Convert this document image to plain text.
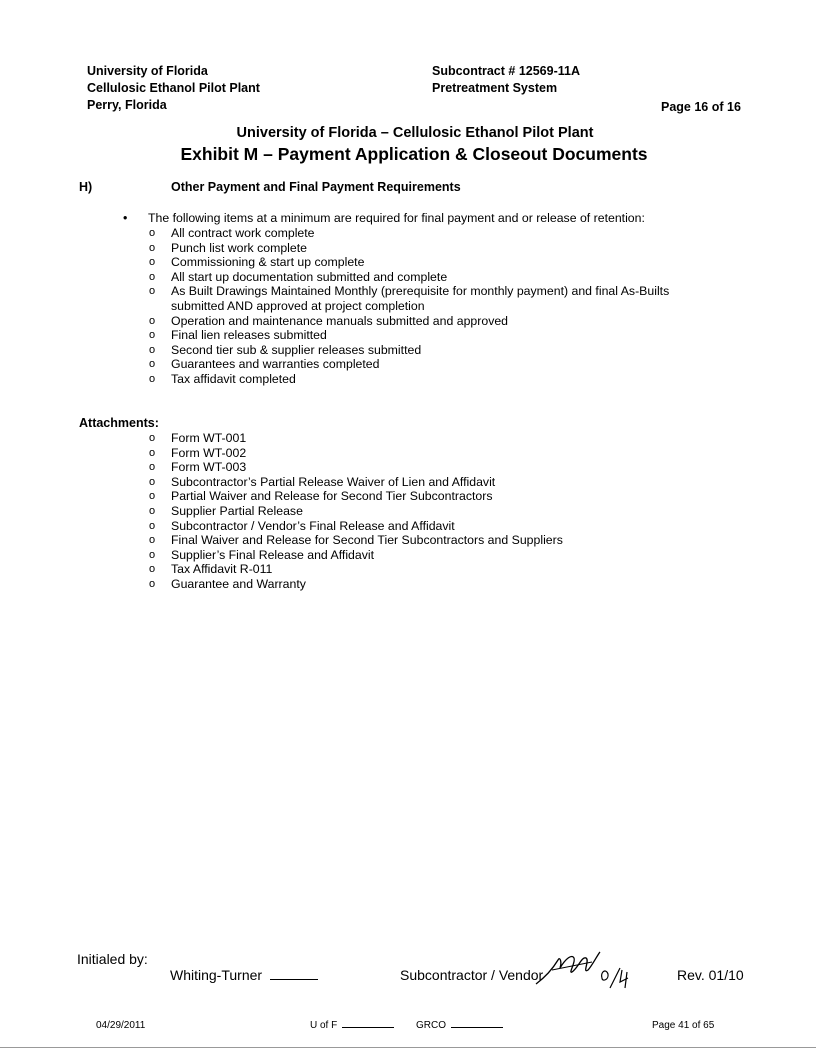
University of Florida
Cellulosic Ethanol Pilot Plant
Perry, Florida
Subcontract # 12569-11A
Pretreatment System
Page 16 of 16
University of Florida – Cellulosic Ethanol Pilot Plant
Exhibit M – Payment Application & Closeout Documents
H)	Other Payment and Final Payment Requirements
• The following items at a minimum are required for final payment and or release of retention:
o All contract work complete
o Punch list work complete
o Commissioning & start up complete
o All start up documentation submitted and complete
o As Built Drawings Maintained Monthly (prerequisite for monthly payment) and final As-Builts submitted AND approved at project completion
o Operation and maintenance manuals submitted and approved
o Final lien releases submitted
o Second tier sub & supplier releases submitted
o Guarantees and warranties completed
o Tax affidavit completed
Attachments:
o Form WT-001
o Form WT-002
o Form WT-003
o Subcontractor’s Partial Release Waiver of Lien and Affidavit
o Partial Waiver and Release for Second Tier Subcontractors
o Supplier Partial Release
o Subcontractor / Vendor’s Final Release and Affidavit
o Final Waiver and Release for Second Tier Subcontractors and Suppliers
o Supplier’s Final Release and Affidavit
o Tax Affidavit R-011
o Guarantee and Warranty
Initialed by:
Whiting-Turner	Subcontractor / Vendor	Rev. 01/10
04/29/2011	U of F	GRCO	Page 41 of 65
